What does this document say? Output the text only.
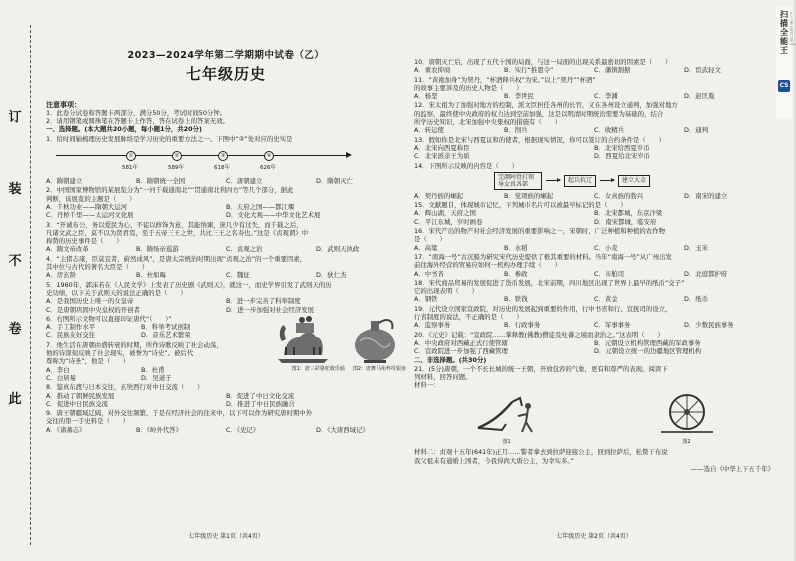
此
卷
不
装
订
2023—2024学年第二学期期中试卷（乙）
七年级历史
注意事项：
1．此卷分试卷和答题卡两部分，满分50分，考试时间50分钟。
2．请用钢笔或圆珠笔在答题卡上作答，答在试卷上的答案无效。
一、选择题。(本大题共20小题，每小题1分，共20分)
1．给时间轴梳理历史发展脉络是学习历史的重要方法之一。下图中“②”处对应的史实是
①	②	③	④
581年	589年	618年	626年
A．隋朝建立	B．隋朝统一全国	C．唐朝建立	D．隋朝灭亡
2．中国国家博物馆的某展览分为“一河千载通南北”“贯通南北利四方”等几个部分，据此
判断，该展览的主题是（　　）
A．千秋功业——隋朝大运河	B．天府之国——都江堰
C．丹桥千里——太运河文化展	D．文化大观——中华文化艺术展
3．“开诚布公，务以爱民为心，不徒以修饰为意，其能纳谏，庶几少有过失，而千载之后，
凡诸文武之臣，莫不以为贤君焉，至于五帝三王之世，共比三王之名寿也。”这是《贞观谓》中
称赞的历史事件是（　　）
A．隋文帝改革	B．隋炀帝巡游	C．贞观之治	D．武则天执政
4．“主猪志康，臣莫宜者，蔚然成风”，是唐太宗统治时期出现“贞观之治”的一个重要因素，
其中位与古代的著名大臣是（　　）
A．房玄龄	B．杜如晦	C．魏征	D．狄仁杰
5．1960年，郭沫若在《人民文学》上发表了历史剧《武则天》，就这一，而史学界引发了武则天的历
史功绩，以下关于武则天的说法正确的是（　　）
A．是我国历史上唯一的女皇帝	B．进一步完善了科举制度
C．是唐朝巩固中央皇权的开创者	D．进一步加强对社会经济发展
6．右图所示文物可以直接印证唐代“（　　）”
A．手工制作水平	B．科举考试创制
C．民族友好交往	D．音乐艺术繁荣
7．他生活在唐朝由盛转衰的时期，所作诗歌反映了社会动荡，
他的诗深刻反映了社会现实，被誉为“诗史”。被后代
尊称为“诗圣”，他是（　　）
A．李白	B．杜甫
C．白居易	D．吴道子
图1：唐三彩骆驼载乐俑 图2：唐舞马衔杯纹银壶
8．鉴真东渡与日本交往，玄奘西行对中日交流（　　）
A．推动了朝鲜民族发展	B．促进了中日文化交流
C．促进中日民族交流	D．推进了中日民族融合
9．唐王朝疆域辽阔，对外交往频繁，于是在经济社会的往来中，以下可以作为研究唐时期中外
交往的第一手史料是（　　）
A．《诸蕃志》	B．《岭外代答》	C．《史记》	D．《大唐西域记》
七年级历史 第1页（共4页）
10．唐朝灭亡后，出现了五代十国的局面，与这一局面的出现关系最密切的因素是（　　）
A．重农抑商	B．实行“推恩令”	C．藩镇割据	D．宦武轻文
11．“黄袍加身”为契丹，“杯酒释兵权”为宋。”以上“契丹”“杯酒”
的故事主要涉及的历史人物是（　　）
A．杨坚	B．李世民	C．李渊	D．赵匡胤
12．宋太祖为了加强对地方的控制，派文臣担任各州的长官，又在各州设立通判，加强对地方
的监察，最终使中央政府的权力达到空前加强，这是以明清时期统治需要为基础的，结合
所学历史知识，北宋加强中央集权的措施有（　　）
A．转运使	B．削兵	C．收精兵	D．通判
13．假如你是北宋与西夏议和的使者，根据现实情况，你可以签订的合约条件是（　　）
A．北宋向西夏称臣	B．北宋给西夏岁币
C．北宋派亲王为质	D．西夏给北宋岁币
14．下图所示反映的内容是（　　）
完颜阿骨打领导女真各部
起兵抗辽	建立大金
A．契丹族的崛起	B．党项族的崛起	C．女真族的勃兴	D．南宋的建立
15．文献题目，体现城市记忆，下列城市名片可以被最早标记的是（　　）
A．辉山湖，天府之国	B．北宋都城，东京汴梁
C．平江东城，岁时画卷	D．南宋都城，临安府
16．宋代产出的物产对社会经济发展的重要影响之一，宋朝时，广泛种植和种植的农作物
是（　　）
A．高粱	B．水稻	C．小麦	D．玉米
17．“南海一号”古沉船为研究宋代历史提供了极其重要的材料。当年“南海一号”从广州出发
前往海外经营的贸易应如何一机构办理手续（　　）
A．中书省	B．参政	C．市舶司	D．北庭都护府
18．宋代商品贸易的发展促进了货币发展，北宋前期，四川地区出现了世界上最早的纸币“交子”
它的出现表明（　　）
A．钢铁	B．铁钱	C．黄金	D．纸币
19．元代设立国家宣政院，对历史的发展起到重要的作用，行中书省和行、宣抚司的设立，
行省制度的说法，不正确的是（　　）
A．监察事务	B．行政事务	C．军事事务	D．少数民族事务
20．《元史》记载：“宣政院……掌释教(佛教)僧徒及吐蕃之境而隶治之。”这表明（　　）
A．中央政府对西藏正式行使管辖	B．元朝设立机构管理西藏的军政事务
C．宣政院进一步加强了西藏管理	D．元朝设立统一的边疆地区管理机构
二、非选择题。(共30分)
21．(5分)唐朝，一个不长长城的统一王朝，开放包容的气象，更有和尊严的表现。阅读下
列材料，回答问题。
材料一：
图1	图2
材料二：贞观十五年(641年)正月……警者拿去到拉萨迎接公主，回到拉萨后，松赞干布说
我父祖未有通婚上国者，今我得尚大唐公主，为幸实多。”
——选自《中华上下五千年》
七年级历史 第2页（共4页）
扫描全能王
CS
3亿人都在用的扫描App
